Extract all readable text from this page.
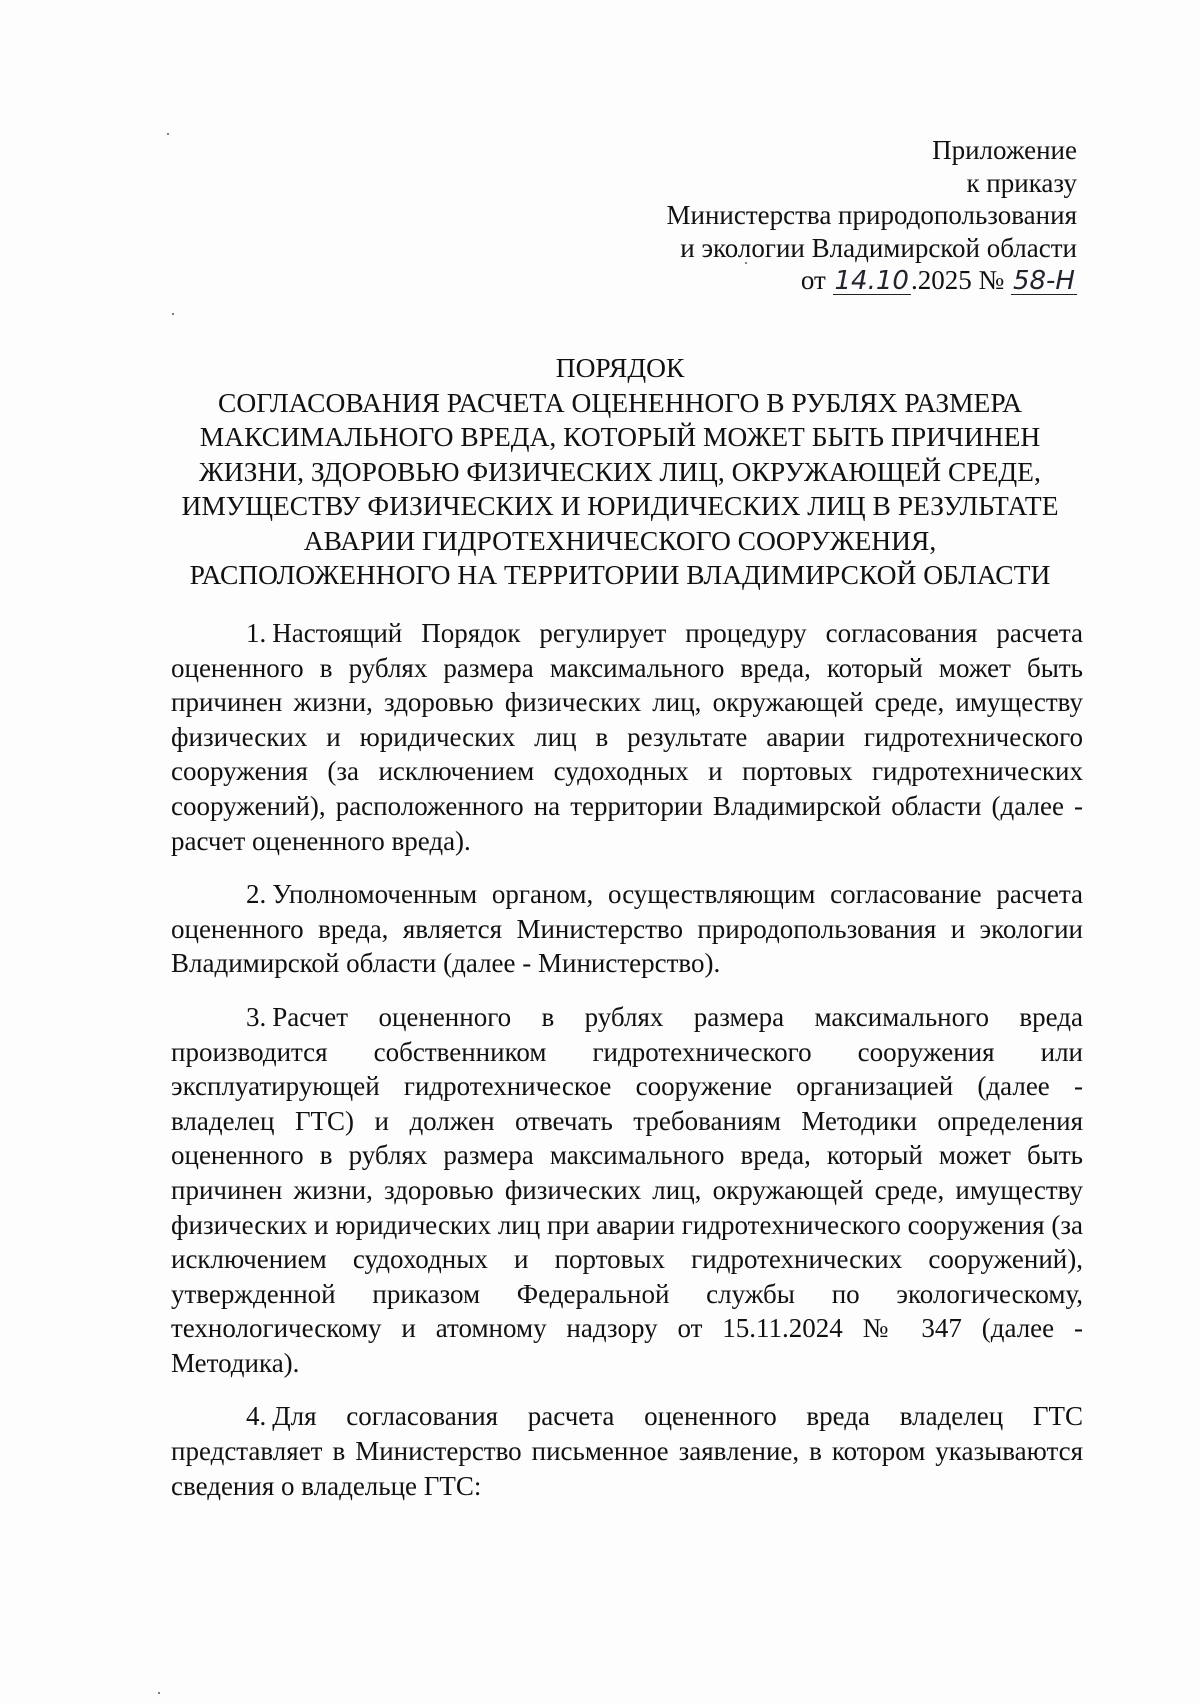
Приложение
к приказу
Министерства природопользования
и экологии Владимирской области
от 14.10.2025 № 58-Н
ПОРЯДОК
СОГЛАСОВАНИЯ РАСЧЕТА ОЦЕНЕННОГО В РУБЛЯХ РАЗМЕРА
МАКСИМАЛЬНОГО ВРЕДА, КОТОРЫЙ МОЖЕТ БЫТЬ ПРИЧИНЕН
ЖИЗНИ, ЗДОРОВЬЮ ФИЗИЧЕСКИХ ЛИЦ, ОКРУЖАЮЩЕЙ СРЕДЕ,
ИМУЩЕСТВУ ФИЗИЧЕСКИХ И ЮРИДИЧЕСКИХ ЛИЦ В РЕЗУЛЬТАТЕ
АВАРИИ ГИДРОТЕХНИЧЕСКОГО СООРУЖЕНИЯ,
РАСПОЛОЖЕННОГО НА ТЕРРИТОРИИ ВЛАДИМИРСКОЙ ОБЛАСТИ

1. Настоящий Порядок регулирует процедуру согласования расчета оцененного в рублях размера максимального вреда, который может быть причинен жизни, здоровью физических лиц, окружающей среде, имуществу физических и юридических лиц в результате аварии гидротехнического сооружения (за исключением судоходных и портовых гидротехнических сооружений), расположенного на территории Владимирской области (далее - расчет оцененного вреда).

2. Уполномоченным органом, осуществляющим согласование расчета оцененного вреда, является Министерство природопользования и экологии Владимирской области (далее - Министерство).

3. Расчет оцененного в рублях размера максимального вреда производится собственником гидротехнического сооружения или эксплуатирующей гидротехническое сооружение организацией (далее - владелец ГТС) и должен отвечать требованиям Методики определения оцененного в рублях размера максимального вреда, который может быть причинен жизни, здоровью физических лиц, окружающей среде, имуществу физических и юридических лиц при аварии гидротехнического сооружения (за исключением судоходных и портовых гидротехнических сооружений), утвержденной приказом Федеральной службы по экологическому, технологическому и атомному надзору от 15.11.2024 № 347 (далее - Методика).

4. Для согласования расчета оцененного вреда владелец ГТС представляет в Министерство письменное заявление, в котором указываются сведения о владельце ГТС:
